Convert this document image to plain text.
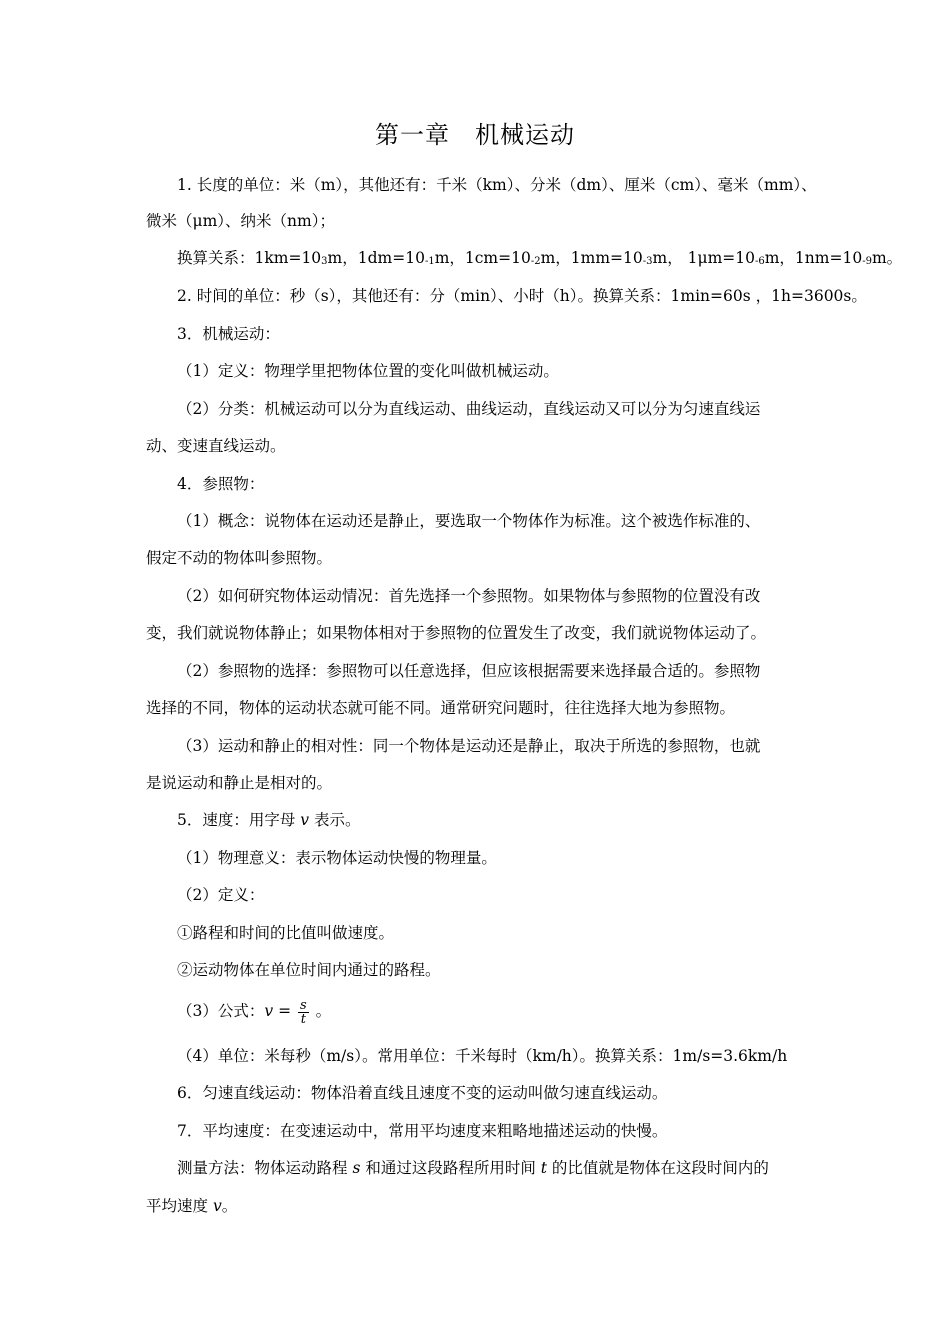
第一章　机械运动
1. 长度的单位：米（m），其他还有：千米（km）、分米（dm）、厘米（cm）、毫米（mm）、
微米（μm）、纳米（nm）；
换算关系：1km=103m，1dm=10-1m，1cm=10-2m，1mm=10-3m， 1μm=10-6m，1nm=10-9m。
2. 时间的单位：秒（s），其他还有：分（min）、小时（h）。换算关系：1min=60s ，1h=3600s。
3．机械运动：
（1）定义：物理学里把物体位置的变化叫做机械运动。
（2）分类：机械运动可以分为直线运动、曲线运动，直线运动又可以分为匀速直线运
动、变速直线运动。
4．参照物：
（1）概念：说物体在运动还是静止，要选取一个物体作为标准。这个被选作标准的、
假定不动的物体叫参照物。
（2）如何研究物体运动情况：首先选择一个参照物。如果物体与参照物的位置没有改
变，我们就说物体静止；如果物体相对于参照物的位置发生了改变，我们就说物体运动了。
（2）参照物的选择：参照物可以任意选择，但应该根据需要来选择最合适的。参照物
选择的不同，物体的运动状态就可能不同。通常研究问题时，往往选择大地为参照物。
（3）运动和静止的相对性：同一个物体是运动还是静止，取决于所选的参照物，也就
是说运动和静止是相对的。
5．速度：用字母 v 表示。
（1）物理意义：表示物体运动快慢的物理量。
（2）定义：
①路程和时间的比值叫做速度。
②运动物体在单位时间内通过的路程。
（3）公式：$v = \frac{s}{t}$ 。
（4）单位：米每秒（m/s）。常用单位：千米每时（km/h）。换算关系：1m/s=3.6km/h
6．匀速直线运动：物体沿着直线且速度不变的运动叫做匀速直线运动。
7．平均速度：在变速运动中，常用平均速度来粗略地描述运动的快慢。
测量方法：物体运动路程 s 和通过这段路程所用时间 t 的比值就是物体在这段时间内的
平均速度 v。
